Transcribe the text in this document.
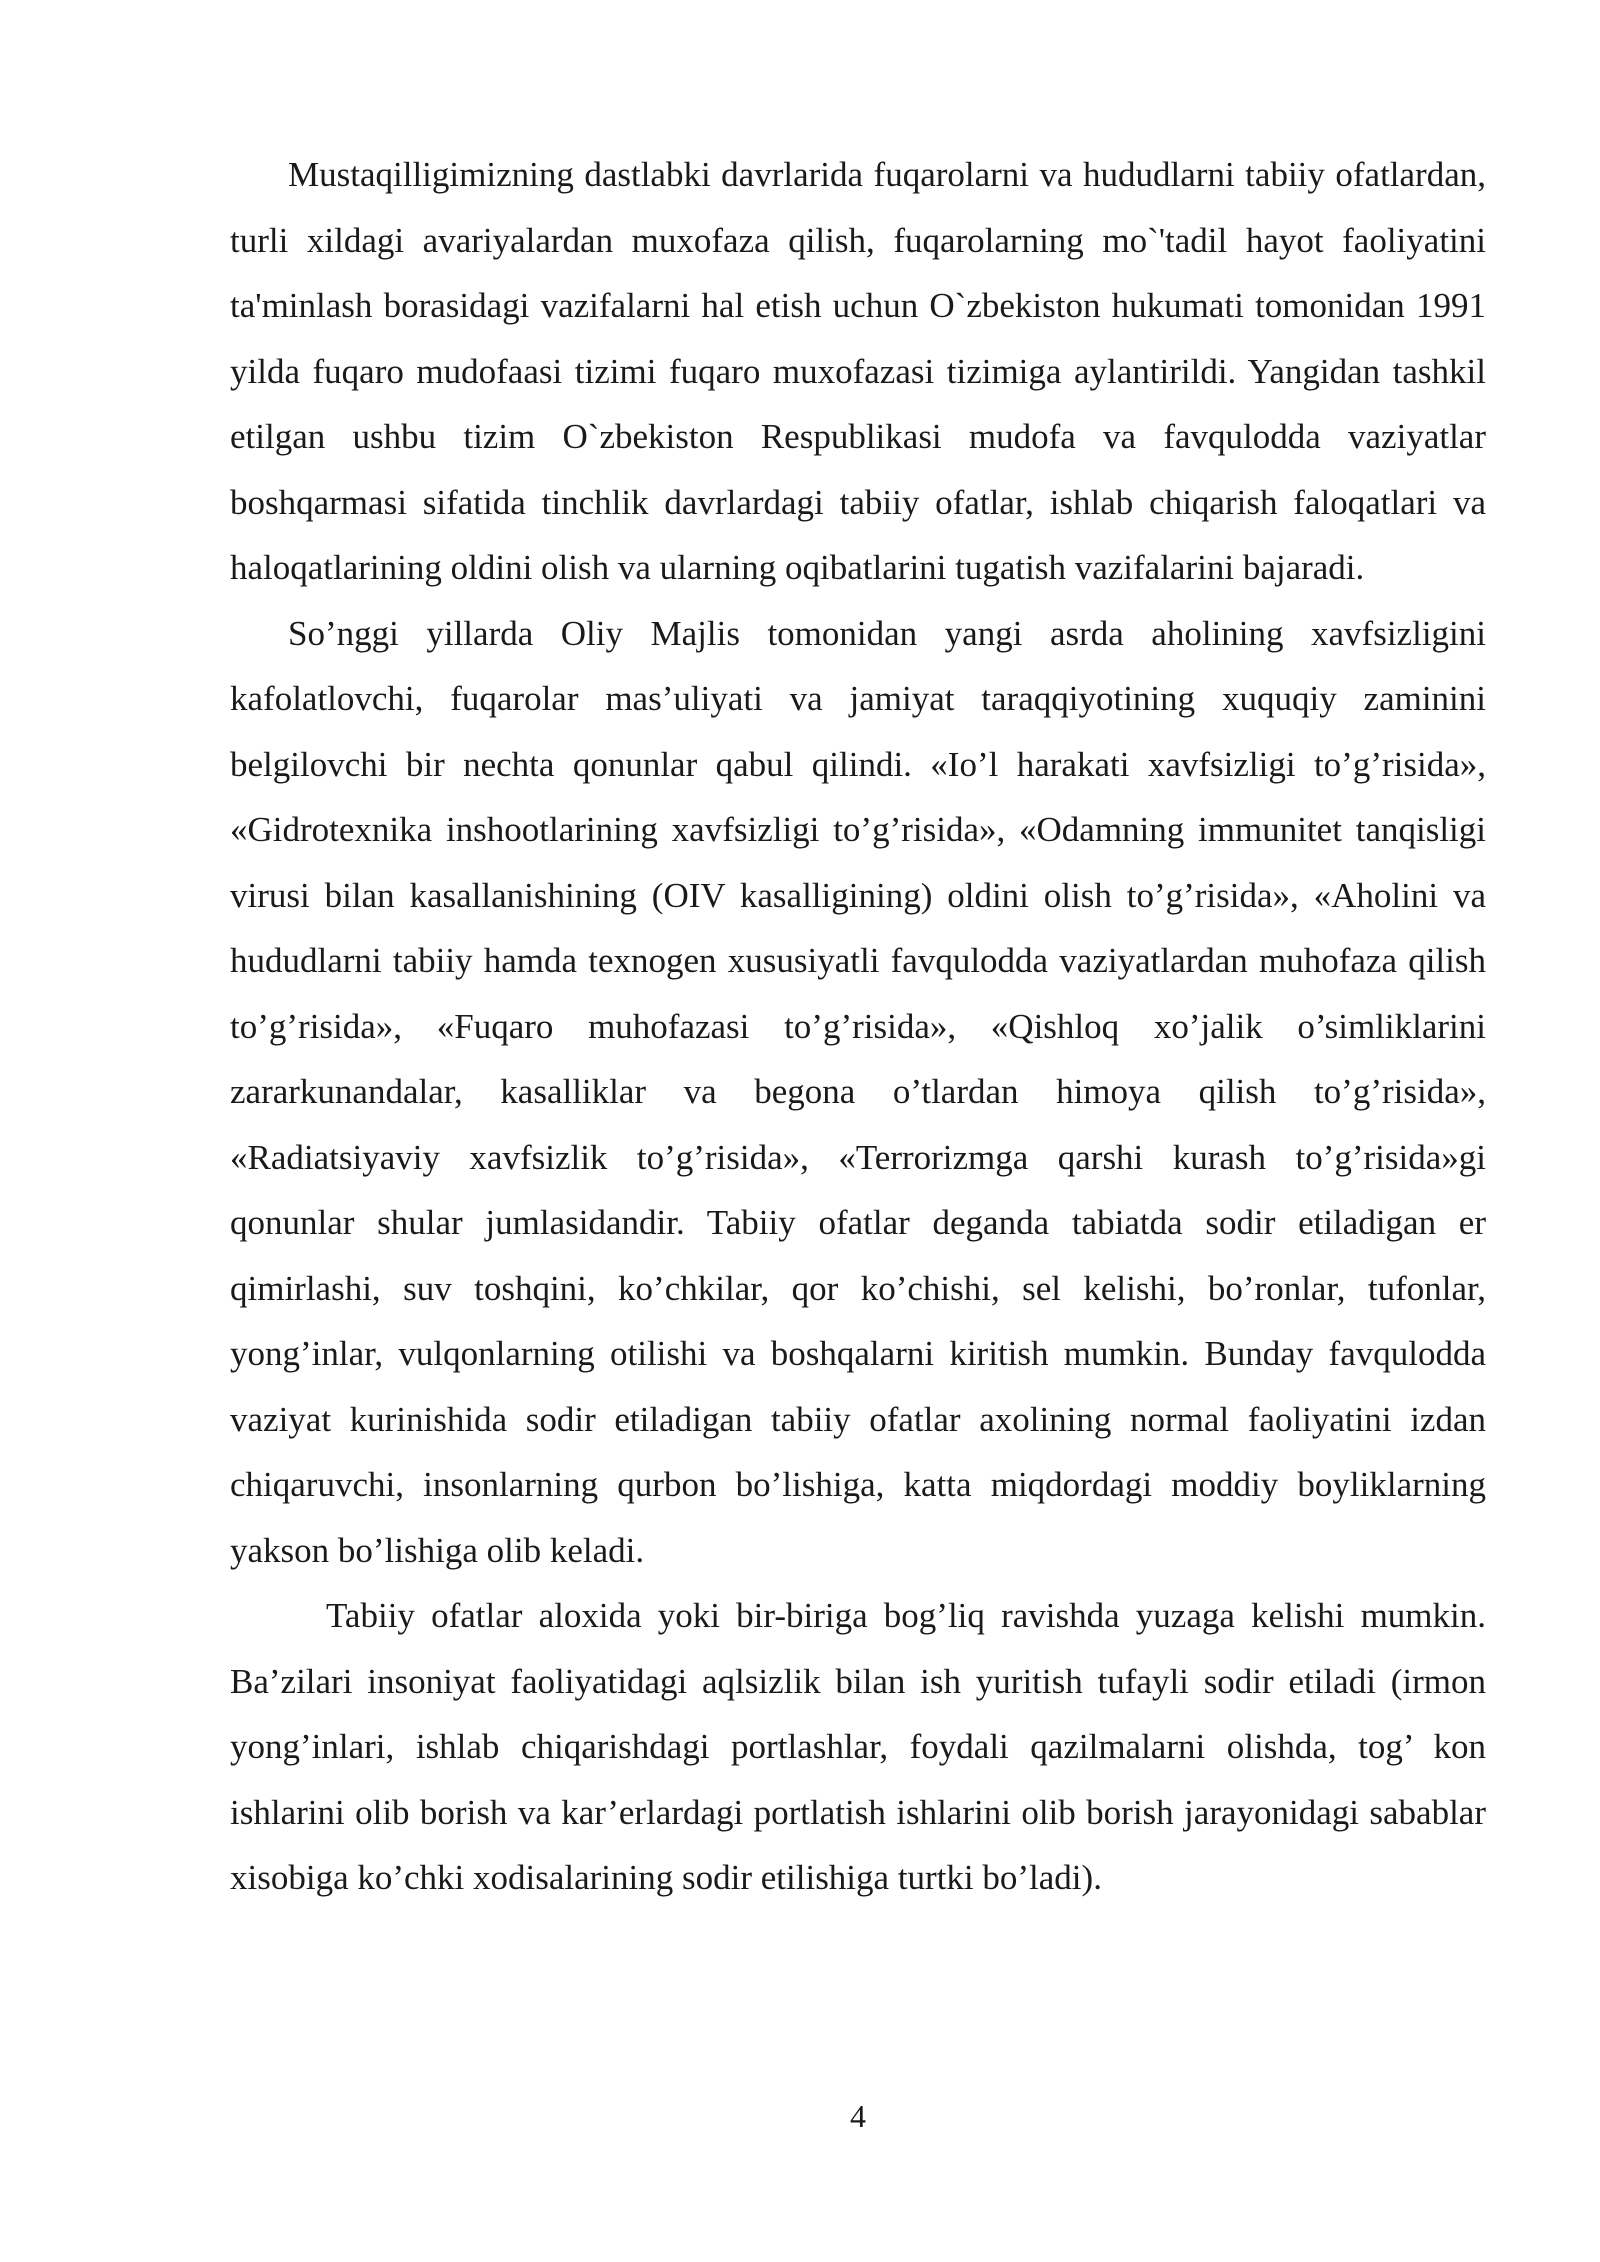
Mustaqilligimizning dastlabki davrlarida fuqarolarni va hududlarni tabiiy ofatlardan, turli xildagi avariyalardan muxofaza qilish, fuqarolarning mo`'tadil hayot faoliyatini ta'minlash borasidagi vazifalarni hal etish uchun O`zbekiston hukumati tomonidan 1991 yilda fuqaro mudofaasi tizimi fuqaro muxofazasi tizimiga aylantirildi. Yangidan tashkil etilgan ushbu tizim O`zbekiston Respublikasi mudofa va favqulodda vaziyatlar boshqarmasi sifatida tinchlik davrlardagi tabiiy ofatlar, ishlab chiqarish faloqatlari va haloqatlarining oldini olish va ularning oqibatlarini tugatish vazifalarini bajaradi.

So’nggi yillarda Oliy Majlis tomonidan yangi asrda aholining xavfsizligini kafolatlovchi, fuqarolar mas’uliyati va jamiyat taraqqiyotining xuquqiy zaminini belgilovchi bir nechta qonunlar qabul qilindi. «Io’l harakati xavfsizligi to’g’risida», «Gidrotexnika inshootlarining xavfsizligi to’g’risida», «Odamning immunitet tanqisligi virusi bilan kasallanishining (OIV kasalligining) oldini olish to’g’risida», «Aholini va hududlarni tabiiy hamda texnogen xususiyatli favqulodda vaziyatlardan muhofaza qilish to’g’risida», «Fuqaro muhofazasi to’g’risida», «Qishloq xo’jalik o’simliklarini zararkunandalar, kasalliklar va begona o’tlardan himoya qilish to’g’risida», «Radiatsiyaviy xavfsizlik to’g’risida», «Terrorizmga qarshi kurash to’g’risida»gi qonunlar shular jumlasidandir. Tabiiy ofatlar deganda tabiatda sodir etiladigan er qimirlashi, suv toshqini, ko’chkilar, qor ko’chishi, sel kelishi, bo’ronlar, tufonlar, yong’inlar, vulqonlarning otilishi va boshqalarni kiritish mumkin. Bunday favqulodda vaziyat kurinishida sodir etiladigan tabiiy ofatlar axolining normal faoliyatini izdan chiqaruvchi, insonlarning qurbon bo’lishiga, katta miqdordagi moddiy boyliklarning yakson bo’lishiga olib keladi.

Tabiiy ofatlar aloxida yoki bir-biriga bog’liq ravishda yuzaga kelishi mumkin. Ba’zilari insoniyat faoliyatidagi aqlsizlik bilan ish yuritish tufayli sodir etiladi (irmon yong’inlari, ishlab chiqarishdagi portlashlar, foydali qazilmalarni olishda, tog’ kon ishlarini olib borish va kar’erlardagi portlatish ishlarini olib borish jarayonidagi sabablar xisobiga ko’chki xodisalarining sodir etilishiga turtki bo’ladi).

4
